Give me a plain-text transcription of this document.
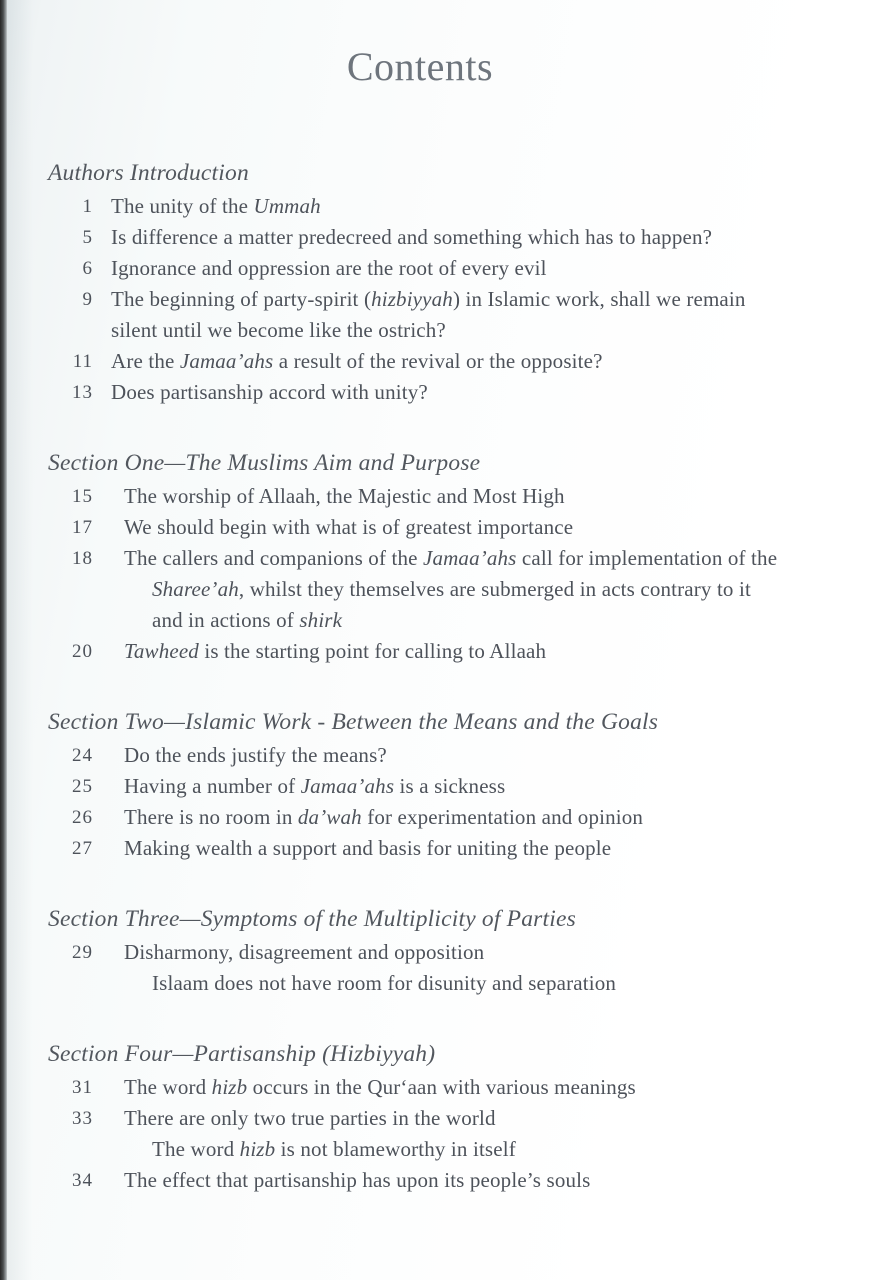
Contents
Authors Introduction
1 The unity of the Ummah
5 Is difference a matter predecreed and something which has to happen?
6 Ignorance and oppression are the root of every evil
9 The beginning of party-spirit (hizbiyyah) in Islamic work, shall we remain
silent until we become like the ostrich?
11 Are the Jamaa’ahs a result of the revival or the opposite?
13 Does partisanship accord with unity?
Section One—The Muslims Aim and Purpose
15 The worship of Allaah, the Majestic and Most High
17 We should begin with what is of greatest importance
18 The callers and companions of the Jamaa’ahs call for implementation of the
Sharee’ah, whilst they themselves are submerged in acts contrary to it
and in actions of shirk
20 Tawheed is the starting point for calling to Allaah
Section Two—Islamic Work - Between the Means and the Goals
24 Do the ends justify the means?
25 Having a number of Jamaa’ahs is a sickness
26 There is no room in da’wah for experimentation and opinion
27 Making wealth a support and basis for uniting the people
Section Three—Symptoms of the Multiplicity of Parties
29 Disharmony, disagreement and opposition
Islaam does not have room for disunity and separation
Section Four—Partisanship (Hizbiyyah)
31 The word hizb occurs in the Qur‘aan with various meanings
33 There are only two true parties in the world
The word hizb is not blameworthy in itself
34 The effect that partisanship has upon its people’s souls
